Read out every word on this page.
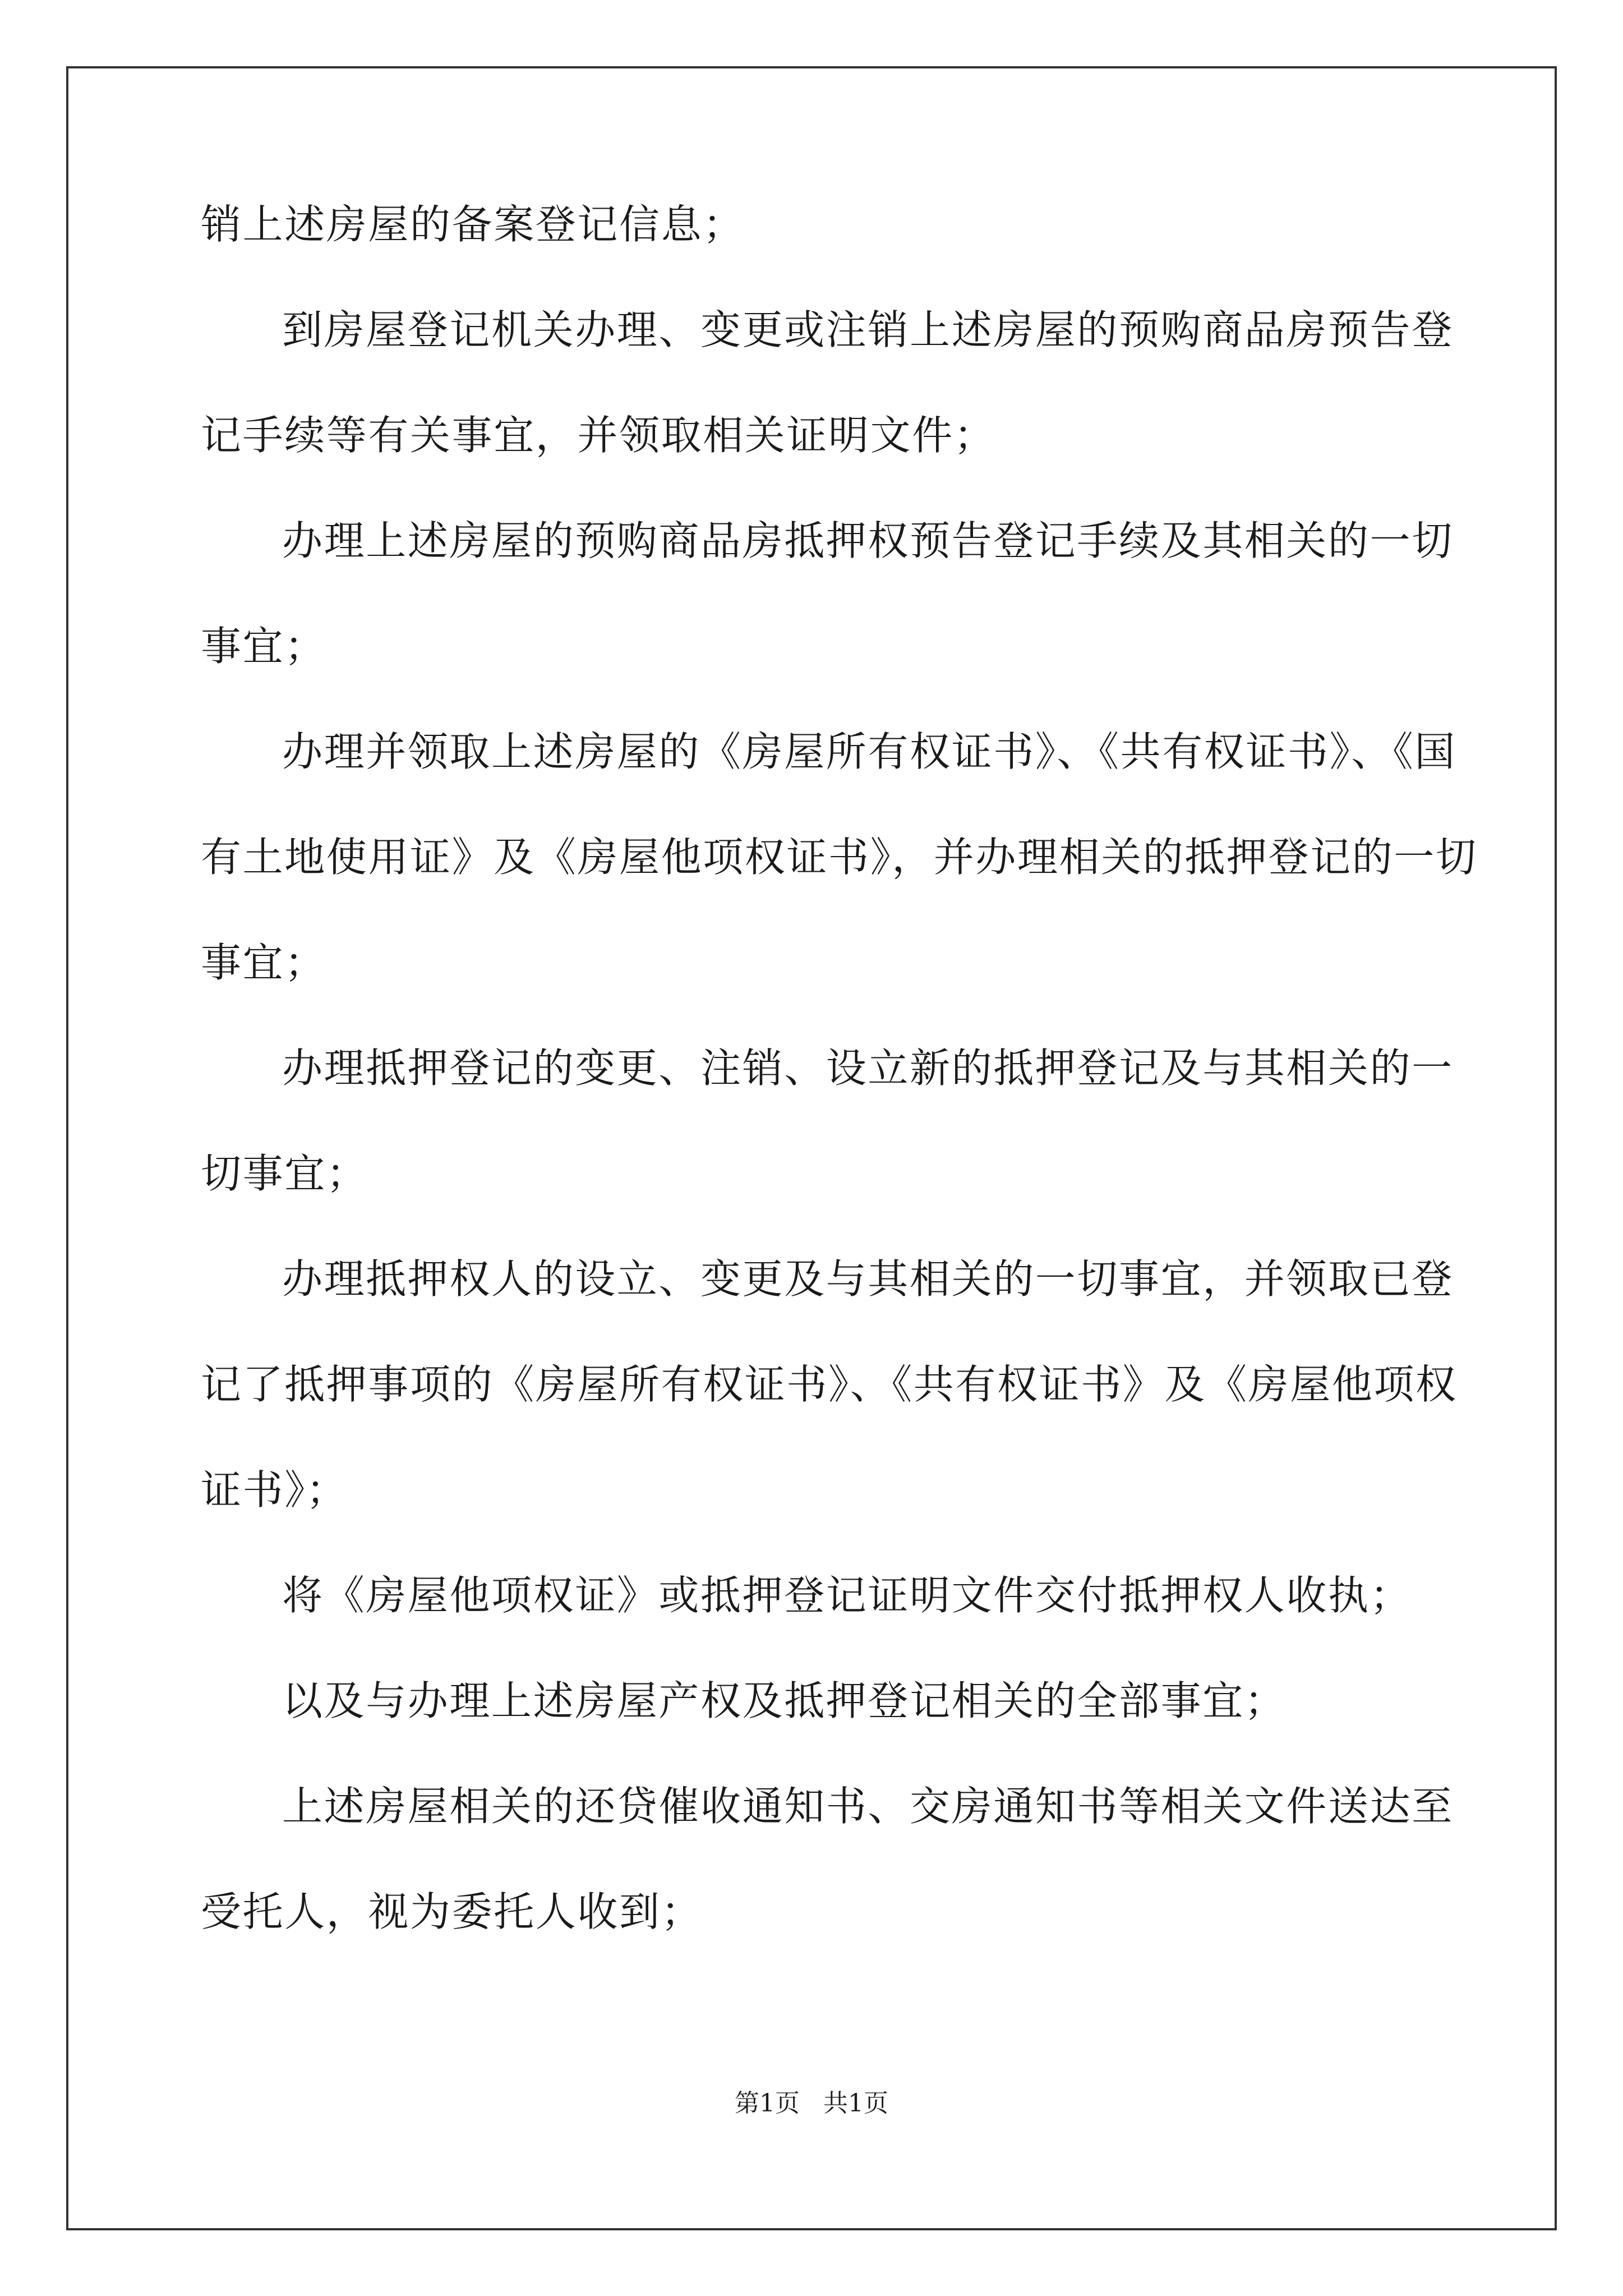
销上述房屋的备案登记信息；
到房屋登记机关办理、变更或注销上述房屋的预购商品房预告登
记手续等有关事宜，并领取相关证明文件；
办理上述房屋的预购商品房抵押权预告登记手续及其相关的一切
事宜；
办理并领取上述房屋的《房屋所有权证书》、《共有权证书》、《国
有土地使用证》及《房屋他项权证书》，并办理相关的抵押登记的一切
事宜；
办理抵押登记的变更、注销、设立新的抵押登记及与其相关的一
切事宜；
办理抵押权人的设立、变更及与其相关的一切事宜，并领取已登
记了抵押事项的《房屋所有权证书》、《共有权证书》及《房屋他项权
证书》；
将《房屋他项权证》或抵押登记证明文件交付抵押权人收执；
以及与办理上述房屋产权及抵押登记相关的全部事宜；
上述房屋相关的还贷催收通知书、交房通知书等相关文件送达至
受托人，视为委托人收到；
第1页 共1页
